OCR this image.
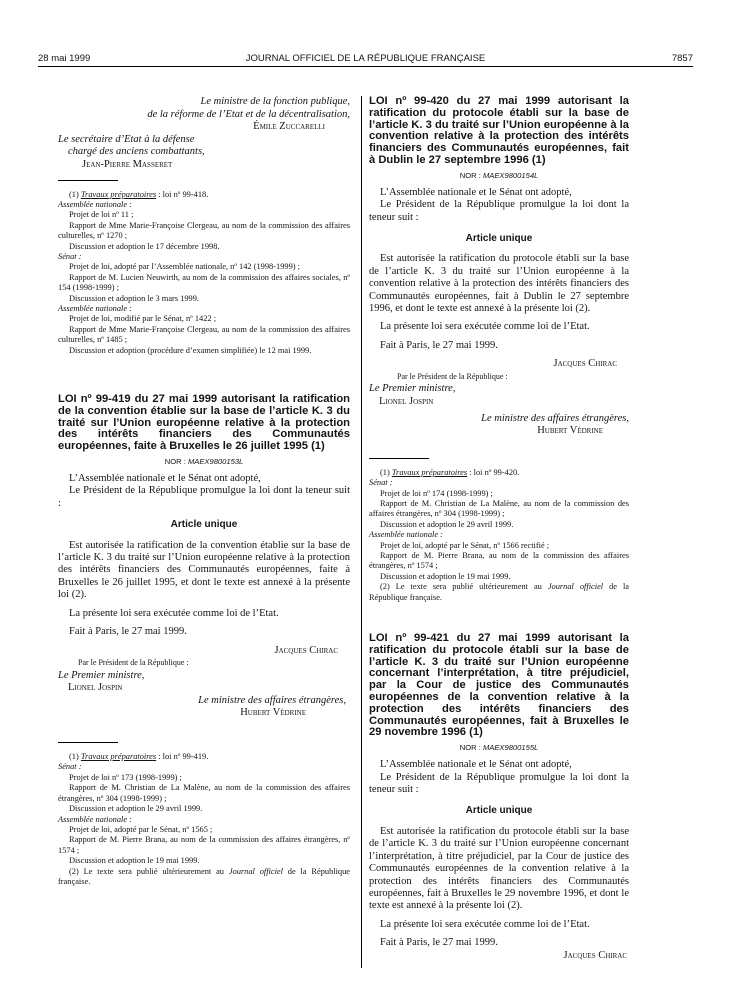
28 mai 1999	JOURNAL OFFICIEL DE LA RÉPUBLIQUE FRANÇAISE	7857
Le ministre de la fonction publique,
de la réforme de l’Etat et de la décentralisation,
Émile Zuccarelli
Le secrétaire d’Etat à la défense
chargé des anciens combattants,
Jean-Pierre Masseret
(1) Travaux préparatoires : loi nº 99-418.
Assemblée nationale :
Projet de loi nº 11 ;
Rapport de Mme Marie-Françoise Clergeau, au nom de la commission des affaires culturelles, nº 1270 ;
Discussion et adoption le 17 décembre 1998.
Sénat :
Projet de loi, adopté par l’Assemblée nationale, nº 142 (1998-1999) ;
Rapport de M. Lucien Neuwirth, au nom de la commission des affaires sociales, nº 154 (1998-1999) ;
Discussion et adoption le 3 mars 1999.
Assemblée nationale :
Projet de loi, modifié par le Sénat, nº 1422 ;
Rapport de Mme Marie-Françoise Clergeau, au nom de la commission des affaires culturelles, nº 1485 ;
Discussion et adoption (procédure d’examen simplifiée) le 12 mai 1999.
LOI nº 99-419 du 27 mai 1999 autorisant la ratification de la convention établie sur la base de l’article K. 3 du traité sur l’Union européenne relative à la protection des intérêts financiers des Communautés européennes, faite à Bruxelles le 26 juillet 1995 (1)
NOR : MAEX9800153L

L’Assemblée nationale et le Sénat ont adopté,

Le Président de la République promulgue la loi dont la teneur suit :

Article unique

Est autorisée la ratification de la convention établie sur la base de l’article K. 3 du traité sur l’Union européenne relative à la protection des intérêts financiers des Communautés européennes, faite à Bruxelles le 26 juillet 1995, et dont le texte est annexé à la présente loi (2).

La présente loi sera exécutée comme loi de l’Etat.

Fait à Paris, le 27 mai 1999.

Jacques Chirac
Par le Président de la République :
Le Premier ministre,
Lionel Jospin
Le ministre des affaires étrangères,
Hubert Védrine
(1) Travaux préparatoires : loi nº 99-419.
Sénat :
Projet de loi nº 173 (1998-1999) ;
Rapport de M. Christian de La Malène, au nom de la commission des affaires étrangères, nº 304 (1998-1999) ;
Discussion et adoption le 29 avril 1999.
Assemblée nationale :
Projet de loi, adopté par le Sénat, nº 1565 ;
Rapport de M. Pierre Brana, au nom de la commission des affaires étrangères, nº 1574 ;
Discussion et adoption le 19 mai 1999.
(2) Le texte sera publié ultérieurement au Journal officiel de la République française.
LOI nº 99-420 du 27 mai 1999 autorisant la ratification du protocole établi sur la base de l’article K. 3 du traité sur l’Union européenne à la convention relative à la protection des intérêts financiers des Communautés européennes, fait à Dublin le 27 septembre 1996 (1)
NOR : MAEX9800154L

L’Assemblée nationale et le Sénat ont adopté,

Le Président de la République promulgue la loi dont la teneur suit :

Article unique

Est autorisée la ratification du protocole établi sur la base de l’article K. 3 du traité sur l’Union européenne à la convention relative à la protection des intérêts financiers des Communautés européennes, fait à Dublin le 27 septembre 1996, et dont le texte est annexé à la présente loi (2).

La présente loi sera exécutée comme loi de l’Etat.

Fait à Paris, le 27 mai 1999.

Jacques Chirac
Par le Président de la République :
Le Premier ministre,
Lionel Jospin
Le ministre des affaires étrangères,
Hubert Védrine
(1) Travaux préparatoires : loi nº 99-420.
Sénat :
Projet de loi nº 174 (1998-1999) ;
Rapport de M. Christian de La Malène, au nom de la commission des affaires étrangères, nº 304 (1998-1999) ;
Discussion et adoption le 29 avril 1999.
Assemblée nationale :
Projet de loi, adopté par le Sénat, nº 1566 rectifié ;
Rapport de M. Pierre Brana, au nom de la commission des affaires étrangères, nº 1574 ;
Discussion et adoption le 19 mai 1999.
(2) Le texte sera publié ultérieurement au Journal officiel de la République française.
LOI nº 99-421 du 27 mai 1999 autorisant la ratification du protocole établi sur la base de l’article K. 3 du traité sur l’Union européenne concernant l’interprétation, à titre préjudiciel, par la Cour de justice des Communautés européennes de la convention relative à la protection des intérêts financiers des Communautés européennes, fait à Bruxelles le 29 novembre 1996 (1)
NOR : MAEX9800155L

L’Assemblée nationale et le Sénat ont adopté,

Le Président de la République promulgue la loi dont la teneur suit :

Article unique

Est autorisée la ratification du protocole établi sur la base de l’article K. 3 du traité sur l’Union européenne concernant l’interprétation, à titre préjudiciel, par la Cour de justice des Communautés européennes de la convention relative à la protection des intérêts financiers des Communautés européennes, fait à Bruxelles le 29 novembre 1996, et dont le texte est annexé à la présente loi (2).

La présente loi sera exécutée comme loi de l’Etat.

Fait à Paris, le 27 mai 1999.

Jacques Chirac
